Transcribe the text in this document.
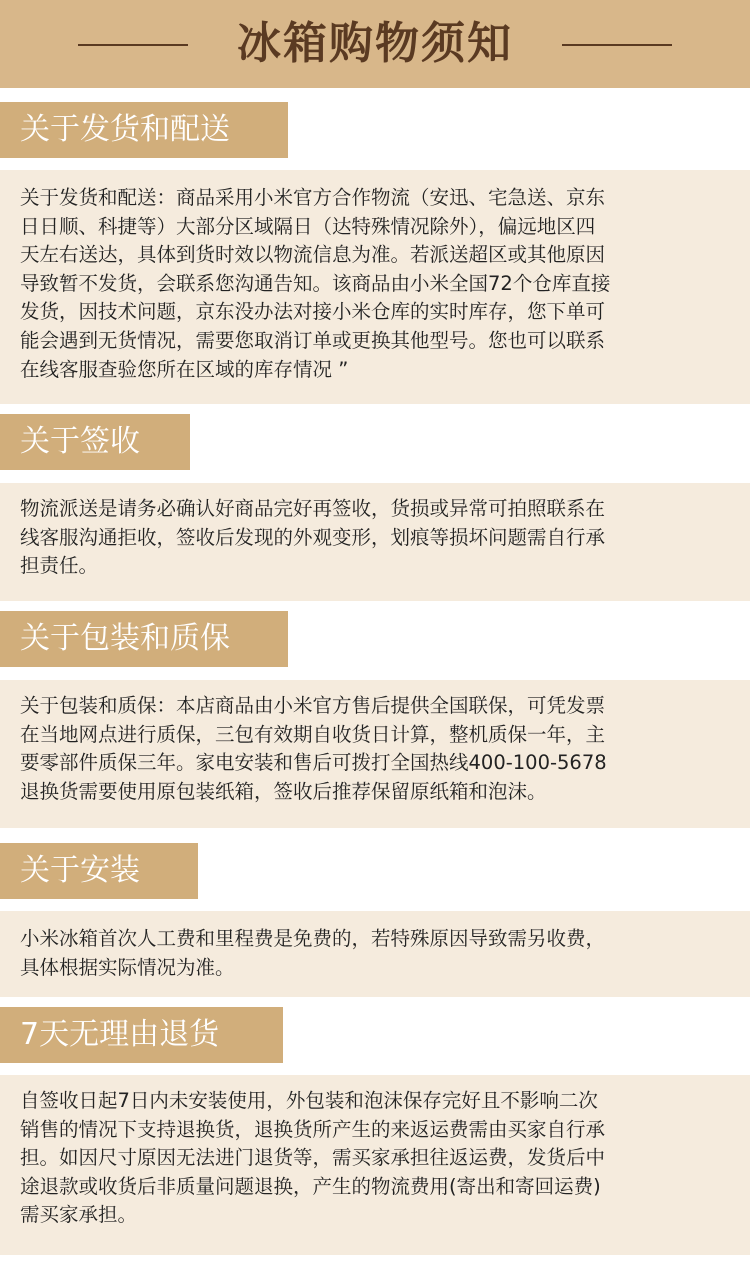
冰箱购物须知
关于发货和配送

关于发货和配送：商品采用小米官方合作物流（安迅、宅急送、京东

日日顺、科捷等）大部分区域隔日（达特殊情况除外），偏远地区四

天左右送达，具体到货时效以物流信息为准。若派送超区或其他原因

导致暂不发货，会联系您沟通告知。该商品由小米全国72个仓库直接

发货，因技术问题，京东没办法对接小米仓库的实时库存，您下单可

能会遇到无货情况，需要您取消订单或更换其他型号。您也可以联系

在线客服查验您所在区域的库存情况 ”

关于签收

物流派送是请务必确认好商品完好再签收，货损或异常可拍照联系在

线客服沟通拒收，签收后发现的外观变形，划痕等损坏问题需自行承

担责任。

关于包装和质保

关于包装和质保：本店商品由小米官方售后提供全国联保，可凭发票

在当地网点进行质保，三包有效期自收货日计算，整机质保一年，主

要零部件质保三年。家电安装和售后可拨打全国热线400-100-5678

退换货需要使用原包装纸箱，签收后推荐保留原纸箱和泡沫。

关于安装

小米冰箱首次人工费和里程费是免费的，若特殊原因导致需另收费，

具体根据实际情况为准。

7天无理由退货

自签收日起7日内未安装使用，外包装和泡沫保存完好且不影响二次

销售的情况下支持退换货，退换货所产生的来返运费需由买家自行承

担。如因尺寸原因无法进门退货等，需买家承担往返运费，发货后中

途退款或收货后非质量问题退换，产生的物流费用(寄出和寄回运费)

需买家承担。
